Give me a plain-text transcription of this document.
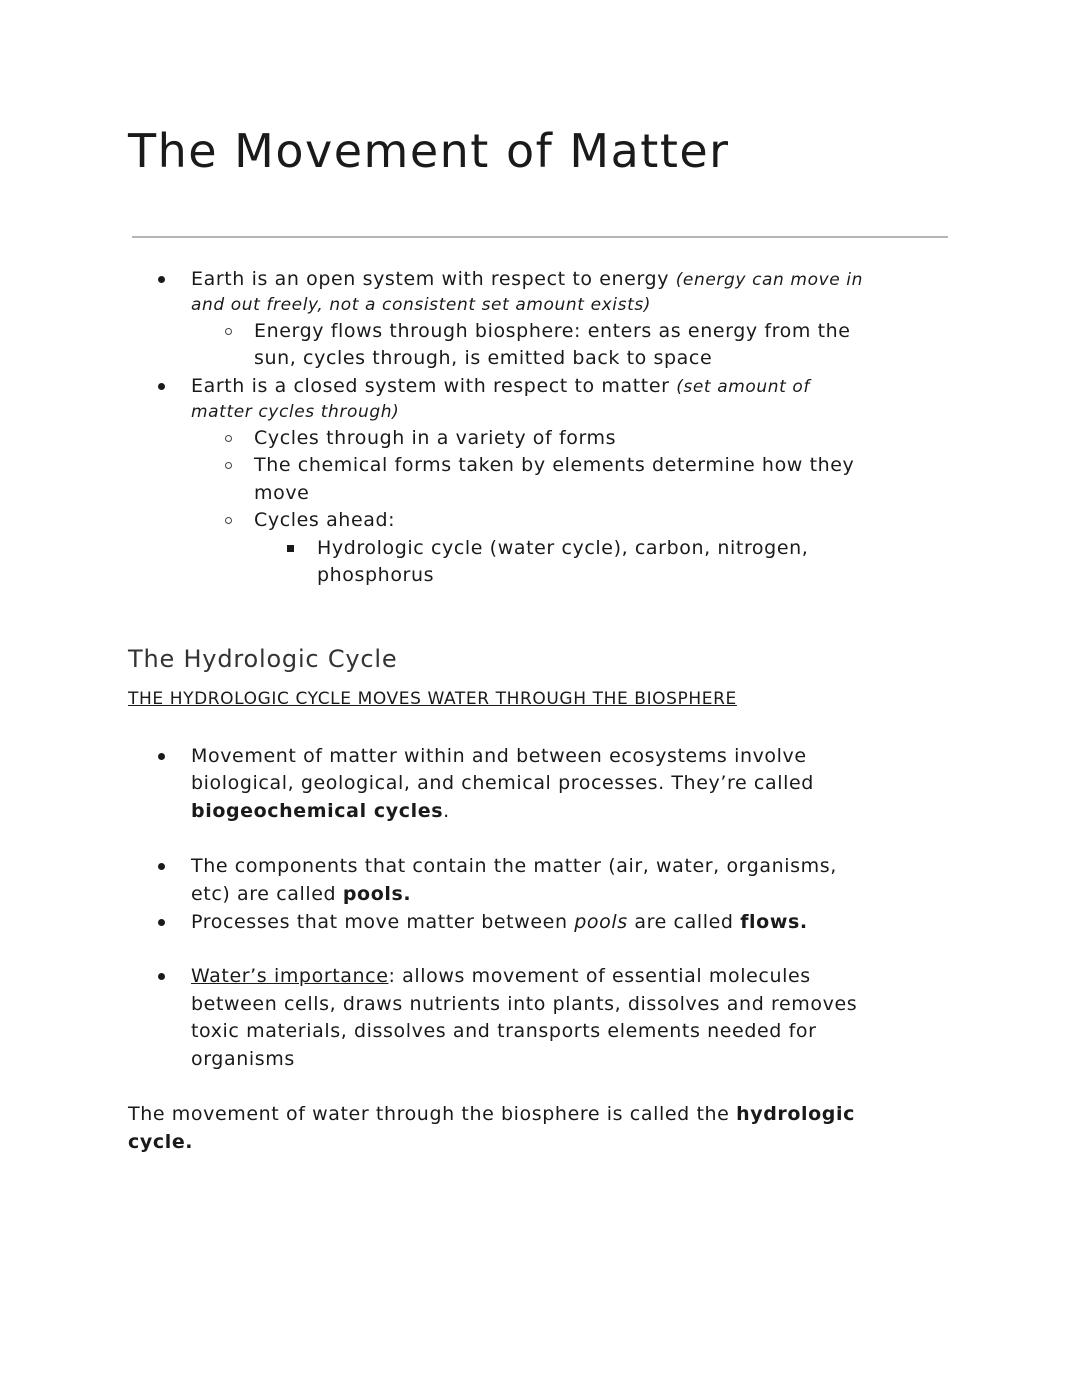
The Movement of Matter
Earth is an open system with respect to energy (energy can move in
and out freely, not a consistent set amount exists)
Energy flows through biosphere: enters as energy from the
sun, cycles through, is emitted back to space
Earth is a closed system with respect to matter (set amount of
matter cycles through)
Cycles through in a variety of forms
The chemical forms taken by elements determine how they
move
Cycles ahead:
Hydrologic cycle (water cycle), carbon, nitrogen,
phosphorus
The Hydrologic Cycle
THE HYDROLOGIC CYCLE MOVES WATER THROUGH THE BIOSPHERE
Movement of matter within and between ecosystems involve
biological, geological, and chemical processes. They’re called
biogeochemical cycles.
The components that contain the matter (air, water, organisms,
etc) are called pools.
Processes that move matter between pools are called flows.
Water’s importance: allows movement of essential molecules
between cells, draws nutrients into plants, dissolves and removes
toxic materials, dissolves and transports elements needed for
organisms
The movement of water through the biosphere is called the hydrologic
cycle.
